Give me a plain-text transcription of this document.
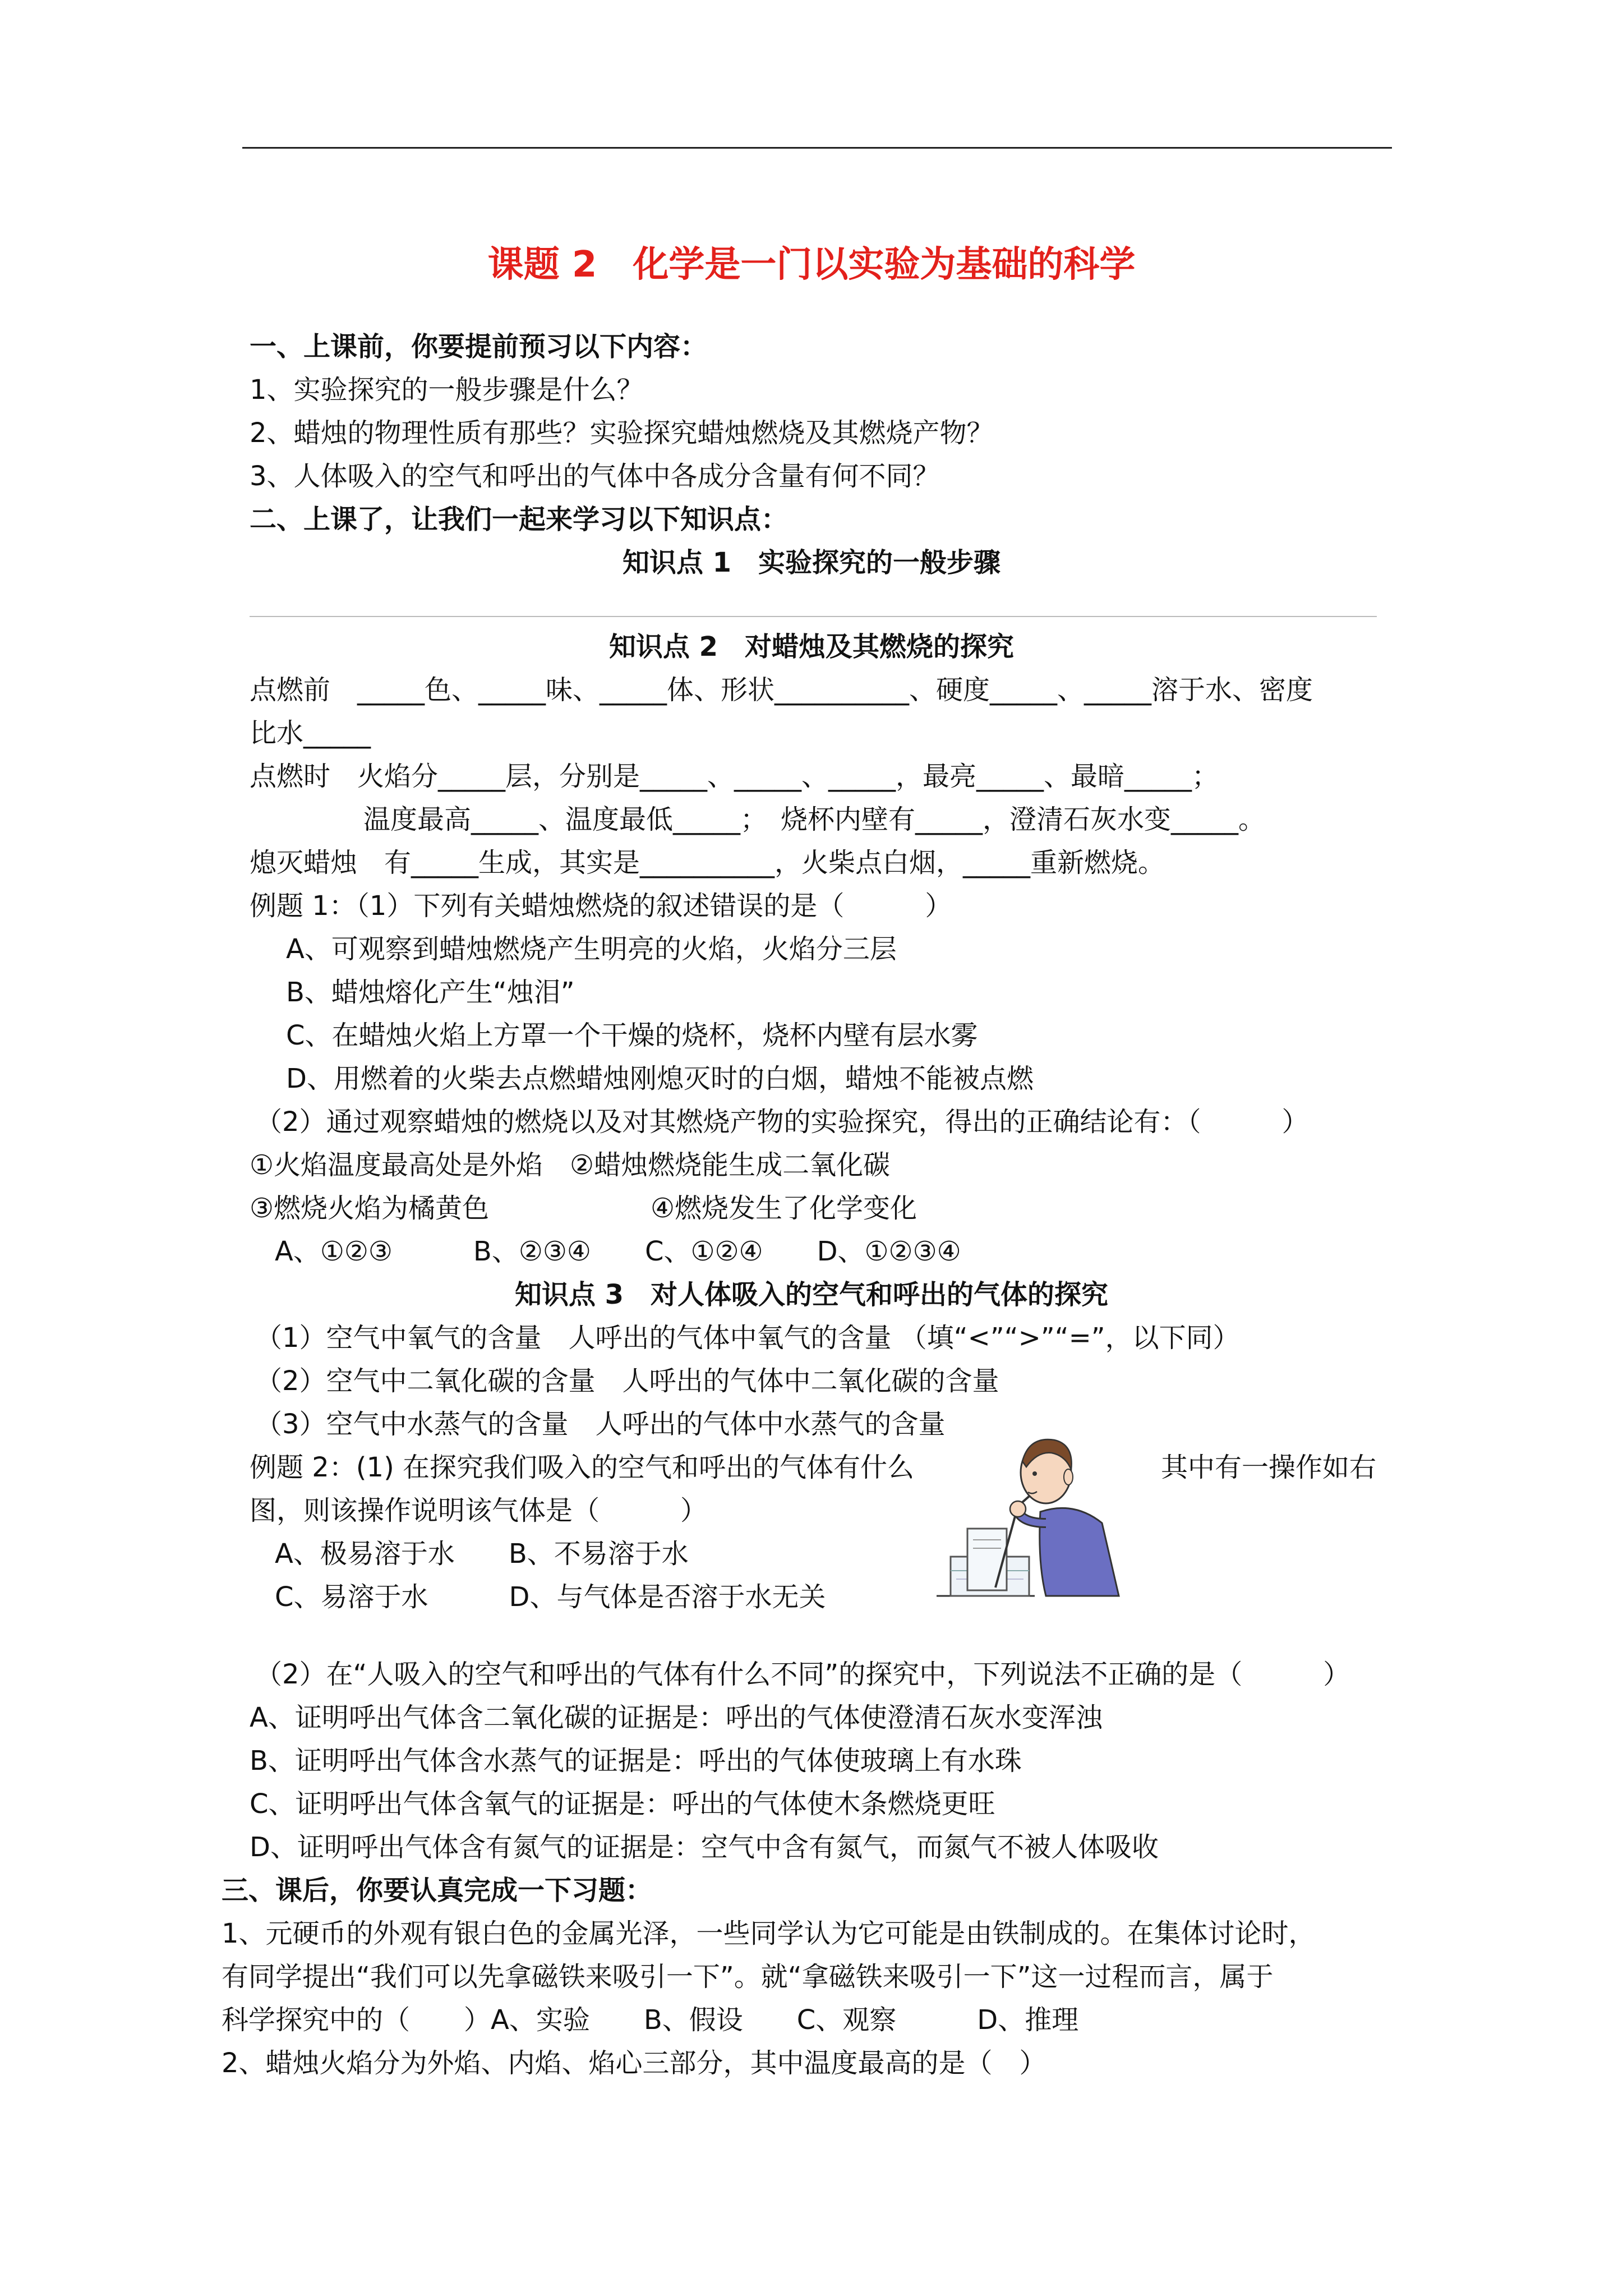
课题 2　化学是一门以实验为基础的科学
一、上课前，你要提前预习以下内容：
1、实验探究的一般步骤是什么？
2、蜡烛的物理性质有那些？实验探究蜡烛燃烧及其燃烧产物？
3、人体吸入的空气和呼出的气体中各成分含量有何不同？
二、上课了，让我们一起来学习以下知识点：
知识点 1　实验探究的一般步骤
知识点 2　对蜡烛及其燃烧的探究
点燃前　_____色、_____味、_____体、形状__________、硬度_____、_____溶于水、密度
比水_____
点燃时　火焰分_____层，分别是_____、_____、_____，最亮_____、最暗_____；
温度最高_____、温度最低_____；　烧杯内壁有_____，澄清石灰水变_____。
熄灭蜡烛　有_____生成，其实是__________，火柴点白烟，_____重新燃烧。
例题 1：（1）下列有关蜡烛燃烧的叙述错误的是（　　　）
A、可观察到蜡烛燃烧产生明亮的火焰，火焰分三层
B、蜡烛熔化产生“烛泪”
C、在蜡烛火焰上方罩一个干燥的烧杯，烧杯内壁有层水雾
D、用燃着的火柴去点燃蜡烛刚熄灭时的白烟，蜡烛不能被点燃
（2）通过观察蜡烛的燃烧以及对其燃烧产物的实验探究，得出的正确结论有：（　　　）
①火焰温度最高处是外焰　②蜡烛燃烧能生成二氧化碳
③燃烧火焰为橘黄色	④燃烧发生了化学变化
A、①②③　　　B、②③④　　C、①②④　　D、①②③④
知识点 3　对人体吸入的空气和呼出的气体的探究
（1）空气中氧气的含量　人呼出的气体中氧气的含量 （填“<”“>”“=”，以下同）
（2）空气中二氧化碳的含量　人呼出的气体中二氧化碳的含量
（3）空气中水蒸气的含量　人呼出的气体中水蒸气的含量
例题 2：(1) 在探究我们吸入的空气和呼出的气体有什么	其中有一操作如右
图，则该操作说明该气体是（　　　）
A、极易溶于水　　B、不易溶于水
C、易溶于水　　　D、与气体是否溶于水无关
（2）在“人吸入的空气和呼出的气体有什么不同”的探究中，下列说法不正确的是（　　　）
A、证明呼出气体含二氧化碳的证据是：呼出的气体使澄清石灰水变浑浊
B、证明呼出气体含水蒸气的证据是：呼出的气体使玻璃上有水珠
C、证明呼出气体含氧气的证据是：呼出的气体使木条燃烧更旺
D、证明呼出气体含有氮气的证据是：空气中含有氮气，而氮气不被人体吸收
三、课后，你要认真完成一下习题：
1、元硬币的外观有银白色的金属光泽，一些同学认为它可能是由铁制成的。在集体讨论时，
有同学提出“我们可以先拿磁铁来吸引一下”。就“拿磁铁来吸引一下”这一过程而言，属于
科学探究中的（　　）A、实验　　B、假设　　C、观察　　　D、推理
2、蜡烛火焰分为外焰、内焰、焰心三部分，其中温度最高的是（　）
